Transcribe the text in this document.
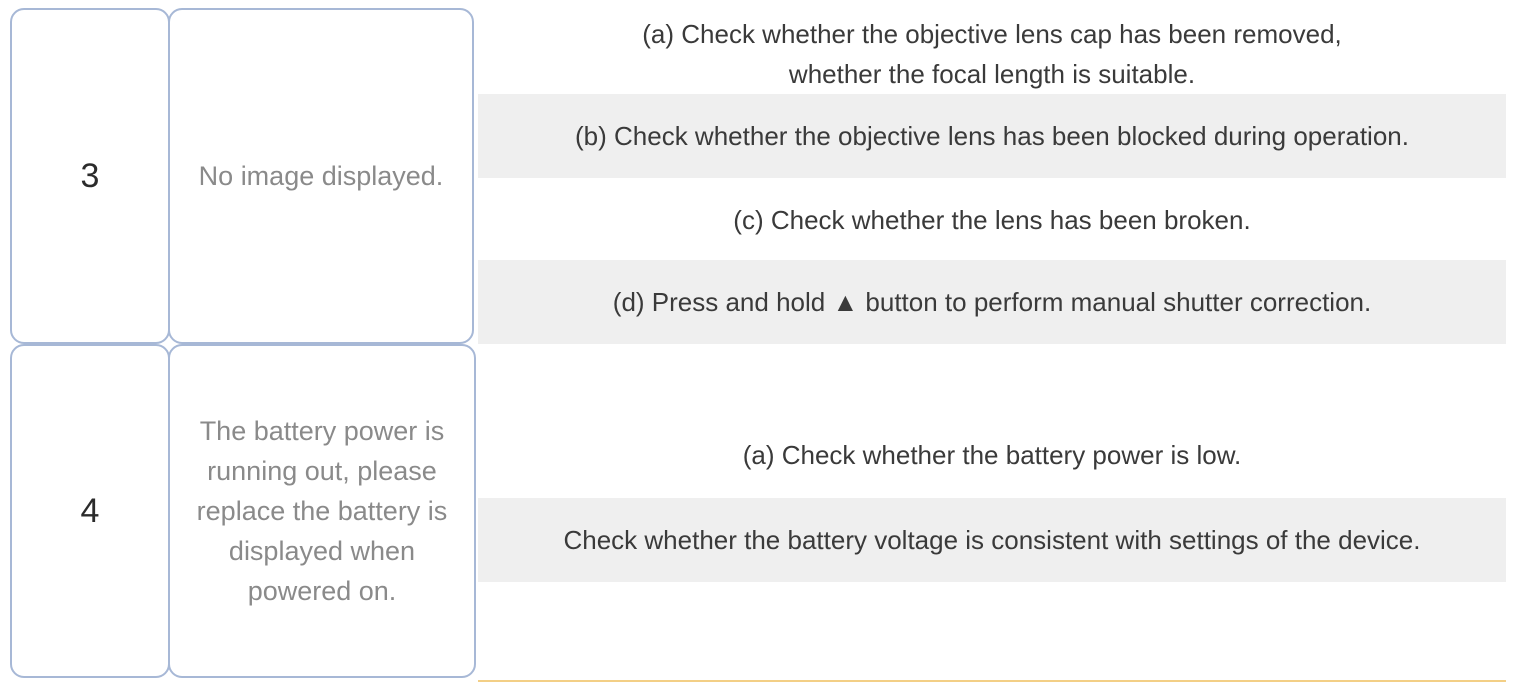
3	No image displayed.
(a) Check whether the objective lens cap has been removed,
whether the focal length is suitable.
(b) Check whether the objective lens has been blocked during operation.
(c) Check whether the lens has been broken.
(d) Press and hold ▲ button to perform manual shutter correction.
4
The battery power is running out, please replace the battery is displayed when powered on.
(a) Check whether the battery power is low.
Check whether the battery voltage is consistent with settings of the device.
